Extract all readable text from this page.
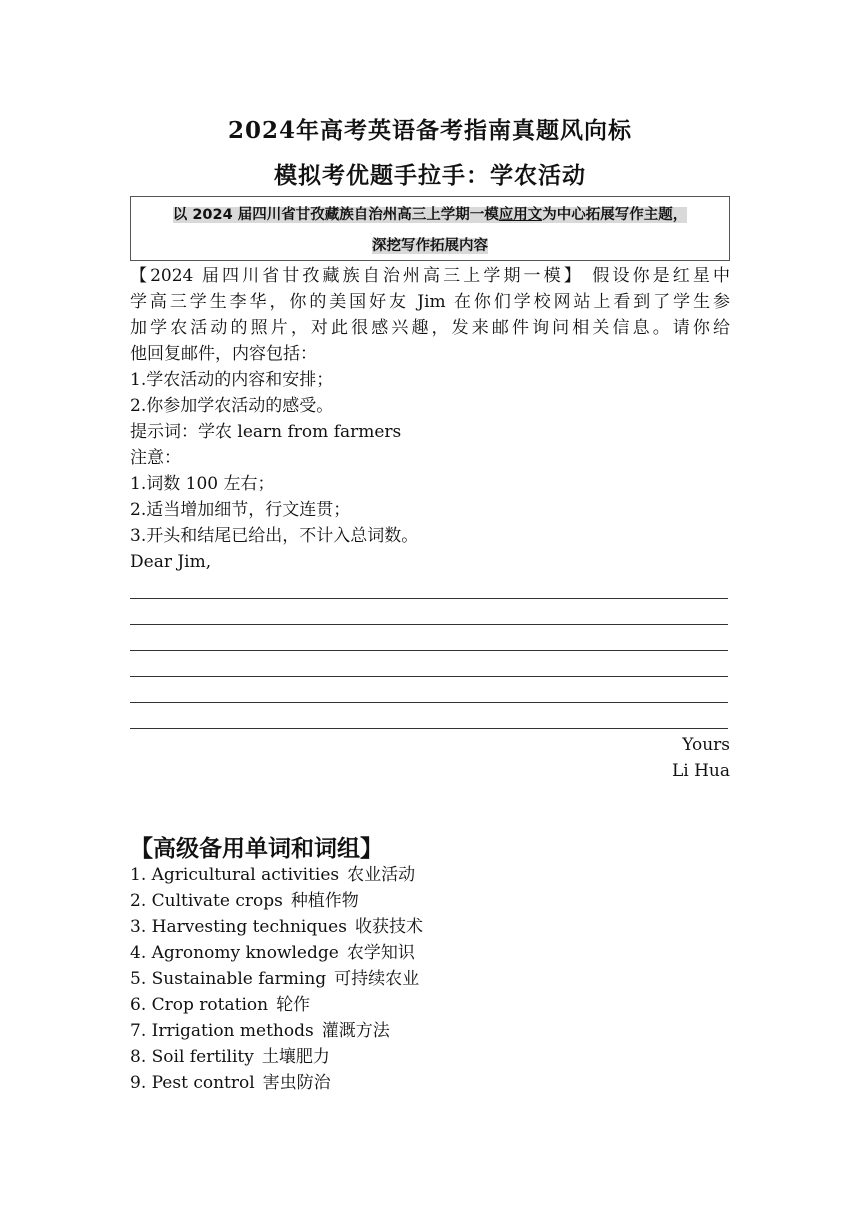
2024年高考英语备考指南真题风向标
模拟考优题手拉手：学农活动
以 2024 届四川省甘孜藏族自治州高三上学期一模应用文为中心拓展写作主题，
深挖写作拓展内容
【2024 届四川省甘孜藏族自治州高三上学期一模】 假设你是红星中
学高三学生李华，你的美国好友 Jim 在你们学校网站上看到了学生参
加学农活动的照片，对此很感兴趣，发来邮件询问相关信息。请你给
他回复邮件，内容包括：
1.学农活动的内容和安排；
2.你参加学农活动的感受。
提示词：学农 learn from farmers
注意：
1.词数 100 左右；
2.适当增加细节，行文连贯；
3.开头和结尾已给出，不计入总词数。
Dear Jim,
Yours
Li Hua
【高级备用单词和词组】
1. Agricultural activities 农业活动
2. Cultivate crops 种植作物
3. Harvesting techniques 收获技术
4. Agronomy knowledge 农学知识
5. Sustainable farming 可持续农业
6. Crop rotation 轮作
7. Irrigation methods 灌溉方法
8. Soil fertility 土壤肥力
9. Pest control 害虫防治
